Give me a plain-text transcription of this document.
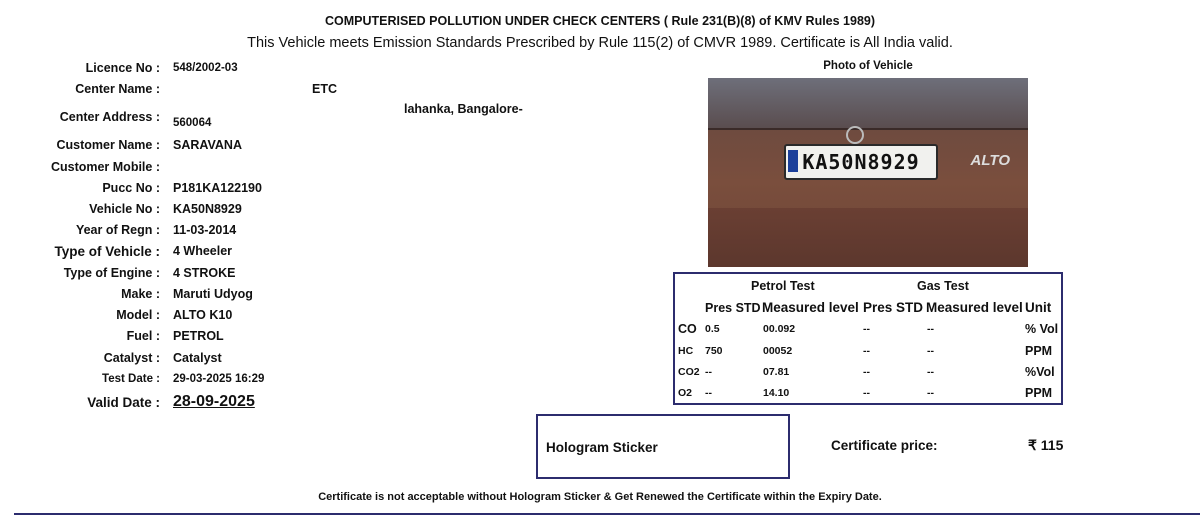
COMPUTERISED POLLUTION UNDER CHECK CENTERS ( Rule 231(B)(8) of KMV Rules 1989)
This Vehicle meets Emission Standards Prescribed by Rule 115(2) of CMVR 1989. Certificate is All India valid.
Licence No : 548/2002-03
Center Name :	ETC
Center Address :
lahanka, Bangalore-
560064
Customer Name : SARAVANA
Customer Mobile :
Pucc No : P181KA122190
Vehicle No : KA50N8929
Year of Regn : 11-03-2014
Type of Vehicle : 4 Wheeler
Type of Engine : 4 STROKE
Make : Maruti Udyog
Model : ALTO K10
Fuel : PETROL
Catalyst : Catalyst
Test Date : 29-03-2025 16:29
Valid Date : 28-09-2025
Photo of Vehicle
KA50N8929	ALTO
Petrol Test	Gas Test
Pres STD Measured level Pres STD Measured level Unit
CO 0.5	00.092	--	--	% Vol
HC 750	00052	--	--	PPM
CO2 --	07.81	--	--	%Vol
O2 --	14.10	--	--	PPM
Hologram Sticker	Certificate price:	₹ 115
Certificate is not acceptable without Hologram Sticker & Get Renewed the Certificate within the Expiry Date.
